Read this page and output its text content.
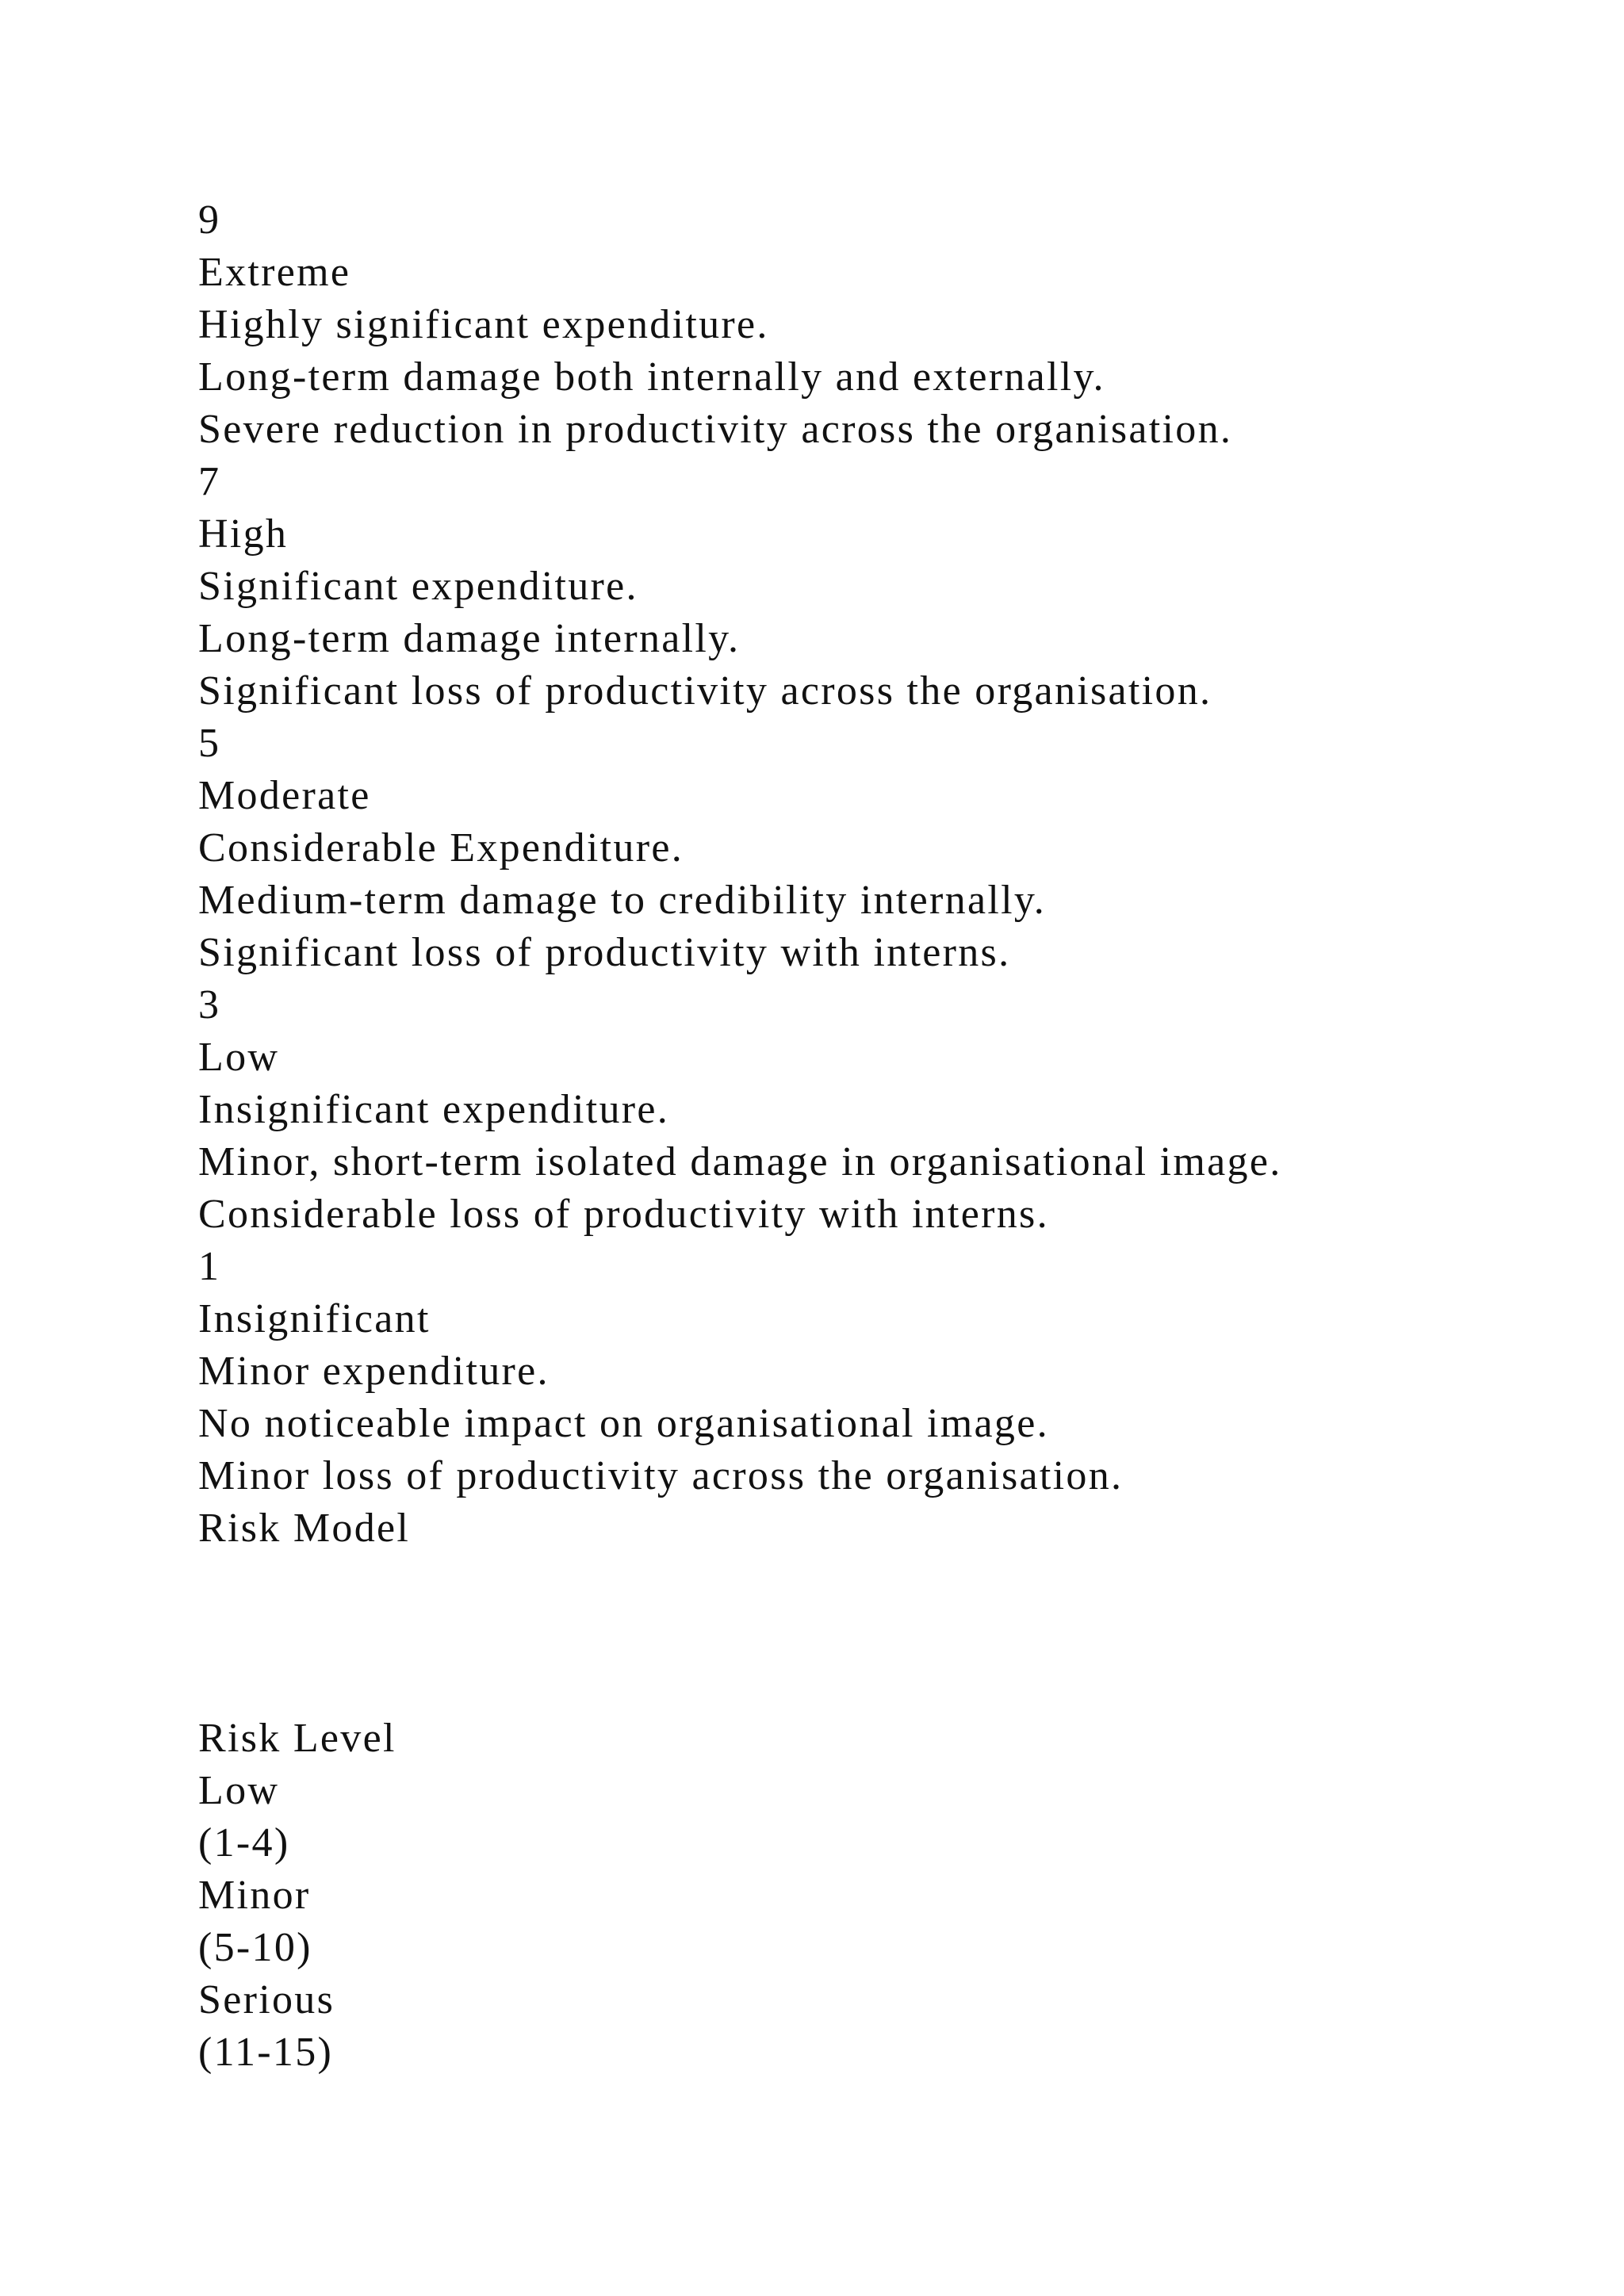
9
Extreme
Highly significant expenditure.
Long-term damage both internally and externally.
Severe reduction in productivity across the organisation.
7
High
Significant expenditure.
Long-term damage internally.
Significant loss of productivity across the organisation.
5
Moderate
Considerable Expenditure.
Medium-term damage to credibility internally.
Significant loss of productivity with interns.
3
Low
Insignificant expenditure.
Minor, short-term isolated damage in organisational image.
Considerable loss of productivity with interns.
1
Insignificant
Minor expenditure.
No noticeable impact on organisational image.
Minor loss of productivity across the organisation.
Risk Model
Risk Level
Low
(1-4)
Minor
(5-10)
Serious
(11-15)
